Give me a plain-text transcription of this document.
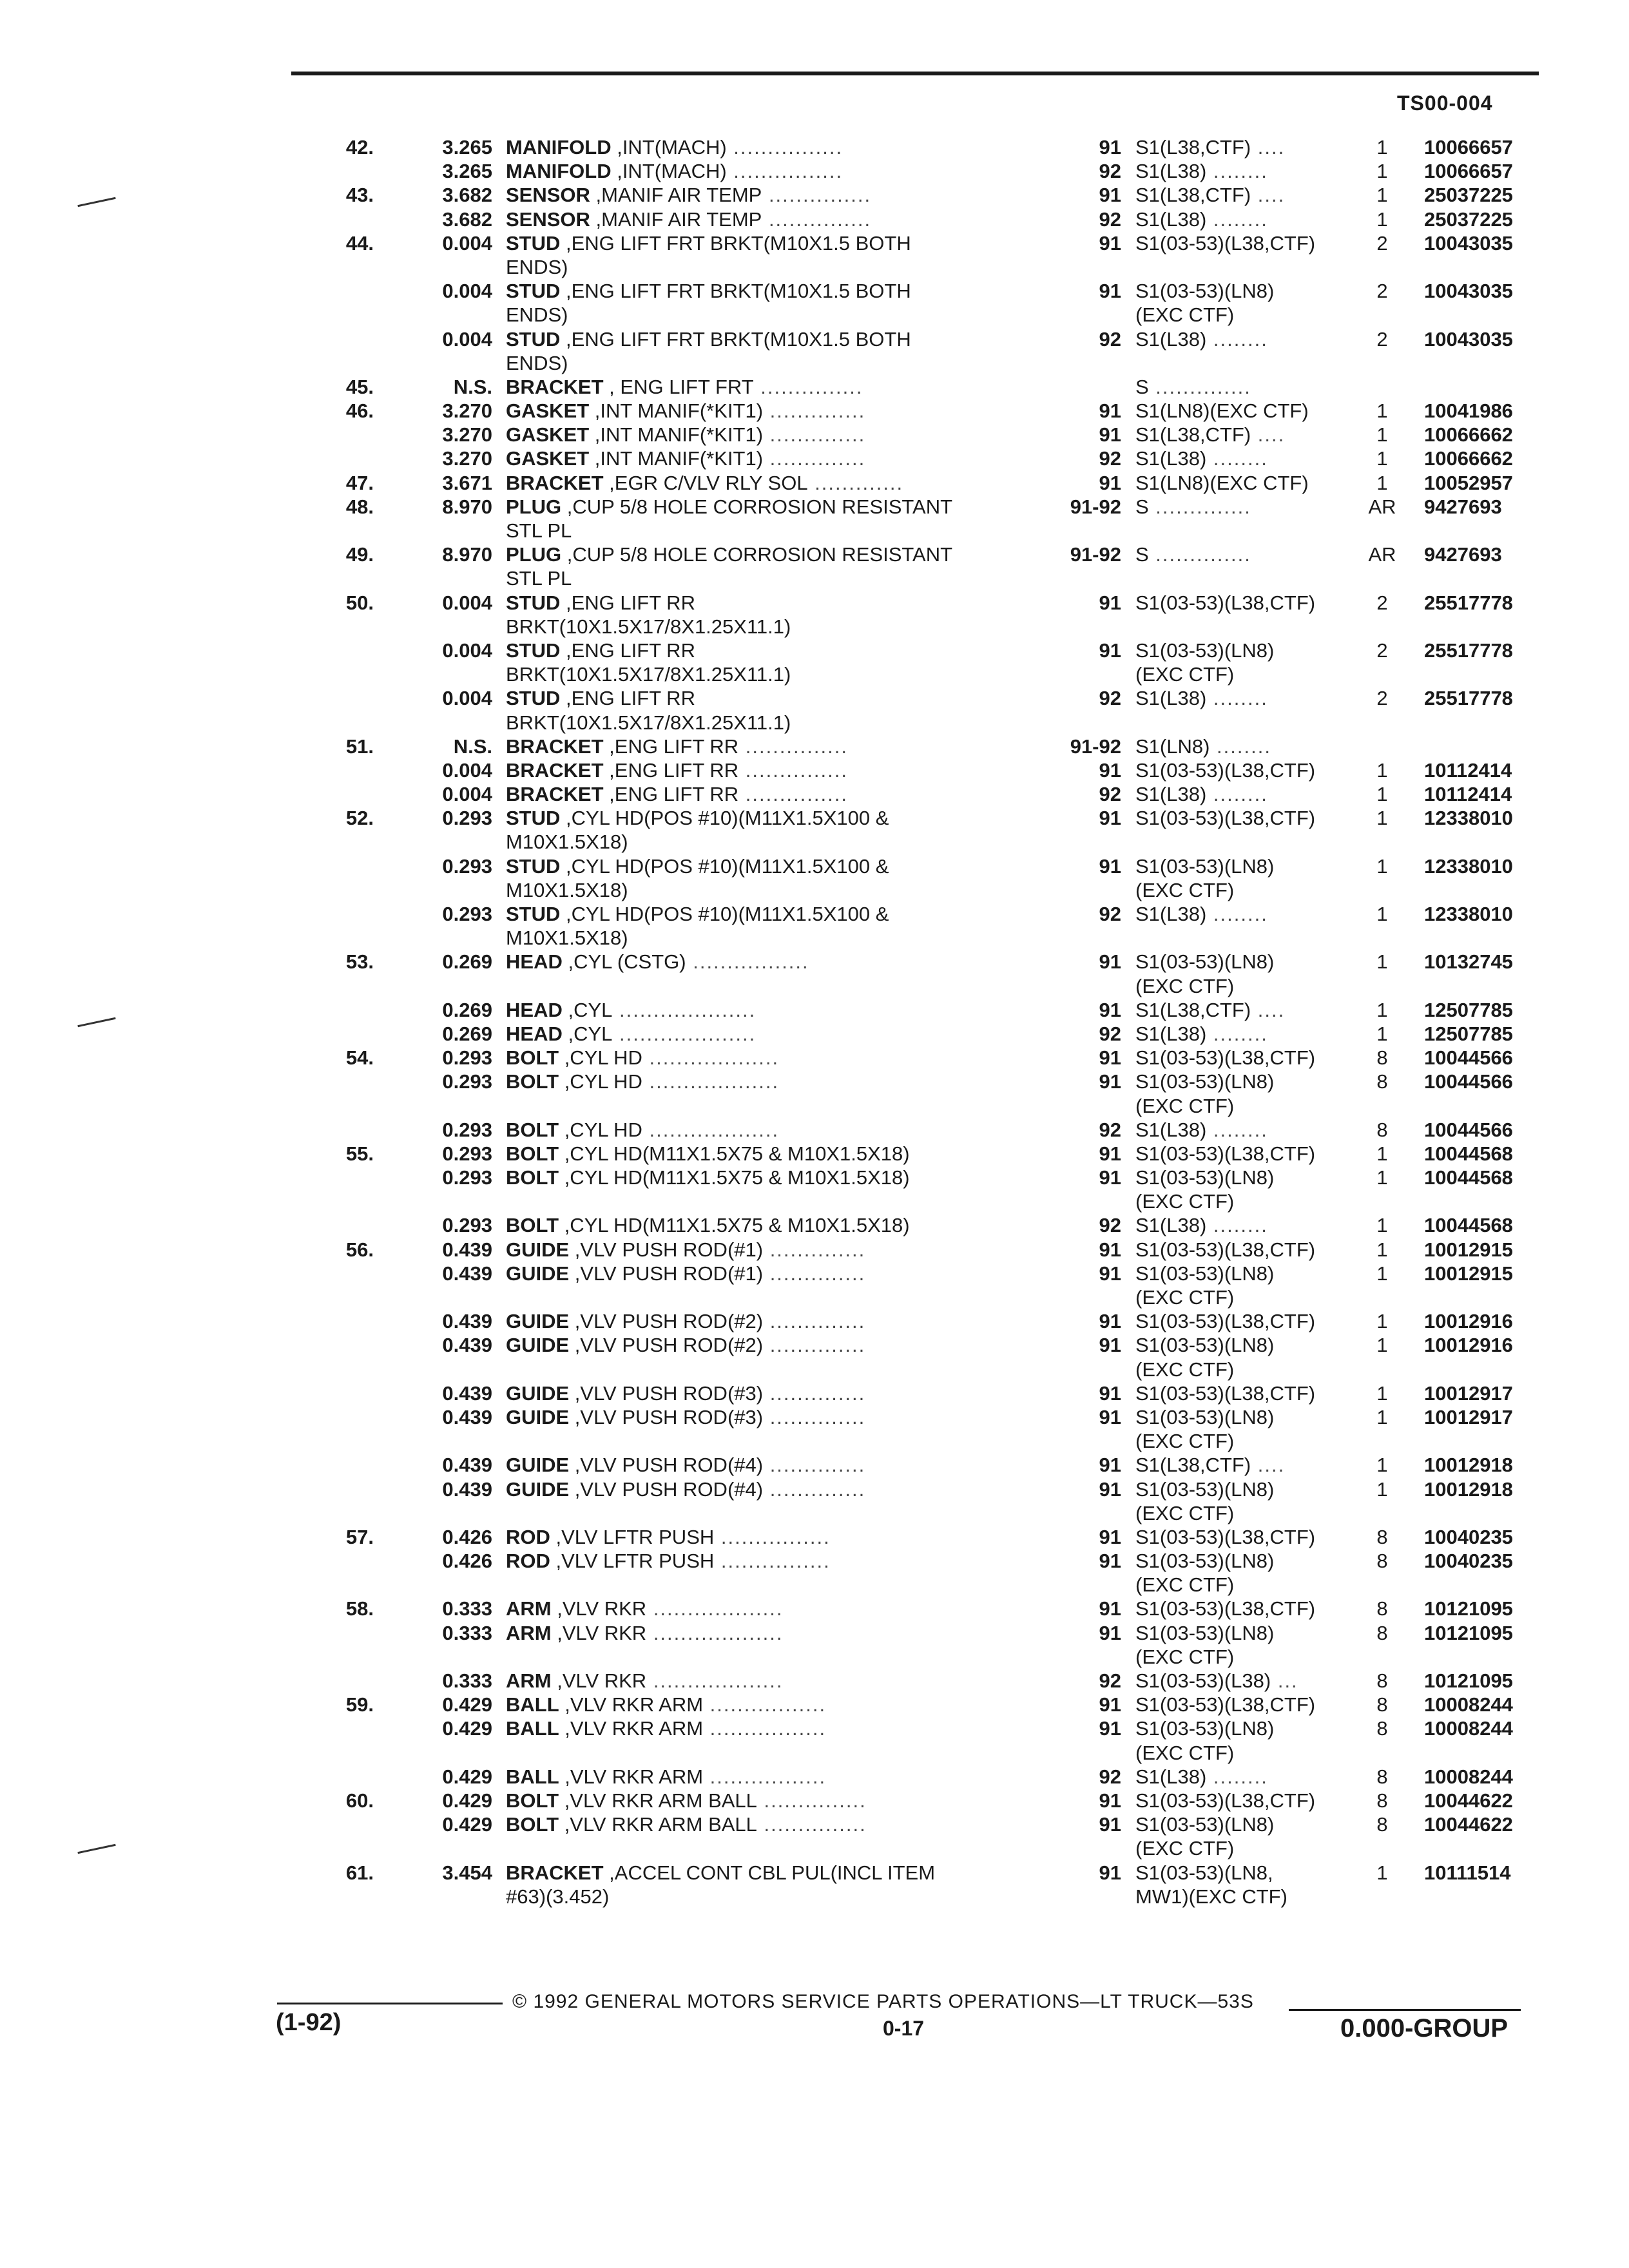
TS00-004
42.	3.265 MANIFOLD ,INT(MACH) ................	91 S1(L38,CTF) ....	1	10066657
3.265 MANIFOLD ,INT(MACH) ................	92 S1(L38) ........	1	10066657
43.	3.682 SENSOR ,MANIF AIR TEMP ...............	91 S1(L38,CTF) ....	1	25037225
3.682 SENSOR ,MANIF AIR TEMP ...............	92 S1(L38) ........	1	25037225
44.	0.004 STUD ,ENG LIFT FRT BRKT(M10X1.5 BOTH	91 S1(03-53)(L38,CTF)	2	10043035
ENDS)
0.004 STUD ,ENG LIFT FRT BRKT(M10X1.5 BOTH	91 S1(03-53)(LN8)	2	10043035
ENDS)	(EXC CTF)
0.004 STUD ,ENG LIFT FRT BRKT(M10X1.5 BOTH	92 S1(L38) ........	2	10043035
ENDS)
45.	N.S. BRACKET , ENG LIFT FRT ...............	S ..............
46.	3.270 GASKET ,INT MANIF(*KIT1) ..............	91 S1(LN8)(EXC CTF)	1	10041986
3.270 GASKET ,INT MANIF(*KIT1) ..............	91 S1(L38,CTF) ....	1	10066662
3.270 GASKET ,INT MANIF(*KIT1) ..............	92 S1(L38) ........	1	10066662
47.	3.671 BRACKET ,EGR C/VLV RLY SOL .............	91 S1(LN8)(EXC CTF)	1	10052957
48.	8.970 PLUG ,CUP 5/8 HOLE CORROSION RESISTANT	91-92 S ..............	AR	9427693
STL PL
49.	8.970 PLUG ,CUP 5/8 HOLE CORROSION RESISTANT	91-92 S ..............	AR	9427693
STL PL
50.	0.004 STUD ,ENG LIFT RR	91 S1(03-53)(L38,CTF)	2	25517778
BRKT(10X1.5X17/8X1.25X11.1)
0.004 STUD ,ENG LIFT RR	91 S1(03-53)(LN8)	2	25517778
BRKT(10X1.5X17/8X1.25X11.1)	(EXC CTF)
0.004 STUD ,ENG LIFT RR	92 S1(L38) ........	2	25517778
BRKT(10X1.5X17/8X1.25X11.1)
51.	N.S. BRACKET ,ENG LIFT RR ...............	91-92 S1(LN8) ........
0.004 BRACKET ,ENG LIFT RR ...............	91 S1(03-53)(L38,CTF)	1	10112414
0.004 BRACKET ,ENG LIFT RR ...............	92 S1(L38) ........	1	10112414
52.	0.293 STUD ,CYL HD(POS #10)(M11X1.5X100 &	91 S1(03-53)(L38,CTF)	1	12338010
M10X1.5X18)
0.293 STUD ,CYL HD(POS #10)(M11X1.5X100 &	91 S1(03-53)(LN8)	1	12338010
M10X1.5X18)	(EXC CTF)
0.293 STUD ,CYL HD(POS #10)(M11X1.5X100 &	92 S1(L38) ........	1	12338010
M10X1.5X18)
53.	0.269 HEAD ,CYL (CSTG) .................	91 S1(03-53)(LN8)	1	10132745
(EXC CTF)
0.269 HEAD ,CYL ....................	91 S1(L38,CTF) ....	1	12507785
0.269 HEAD ,CYL ....................	92 S1(L38) ........	1	12507785
54.	0.293 BOLT ,CYL HD ...................	91 S1(03-53)(L38,CTF)	8	10044566
0.293 BOLT ,CYL HD ...................	91 S1(03-53)(LN8)	8	10044566
(EXC CTF)
0.293 BOLT ,CYL HD ...................	92 S1(L38) ........	8	10044566
55.	0.293 BOLT ,CYL HD(M11X1.5X75 & M10X1.5X18)	91 S1(03-53)(L38,CTF)	1	10044568
0.293 BOLT ,CYL HD(M11X1.5X75 & M10X1.5X18)	91 S1(03-53)(LN8)	1	10044568
(EXC CTF)
0.293 BOLT ,CYL HD(M11X1.5X75 & M10X1.5X18)	92 S1(L38) ........	1	10044568
56.	0.439 GUIDE ,VLV PUSH ROD(#1) ..............	91 S1(03-53)(L38,CTF)	1	10012915
0.439 GUIDE ,VLV PUSH ROD(#1) ..............	91 S1(03-53)(LN8)	1	10012915
(EXC CTF)
0.439 GUIDE ,VLV PUSH ROD(#2) ..............	91 S1(03-53)(L38,CTF)	1	10012916
0.439 GUIDE ,VLV PUSH ROD(#2) ..............	91 S1(03-53)(LN8)	1	10012916
(EXC CTF)
0.439 GUIDE ,VLV PUSH ROD(#3) ..............	91 S1(03-53)(L38,CTF)	1	10012917
0.439 GUIDE ,VLV PUSH ROD(#3) ..............	91 S1(03-53)(LN8)	1	10012917
(EXC CTF)
0.439 GUIDE ,VLV PUSH ROD(#4) ..............	91 S1(L38,CTF) ....	1	10012918
0.439 GUIDE ,VLV PUSH ROD(#4) ..............	91 S1(03-53)(LN8)	1	10012918
(EXC CTF)
57.	0.426 ROD ,VLV LFTR PUSH ................	91 S1(03-53)(L38,CTF)	8	10040235
0.426 ROD ,VLV LFTR PUSH ................	91 S1(03-53)(LN8)	8	10040235
(EXC CTF)
58.	0.333 ARM ,VLV RKR ...................	91 S1(03-53)(L38,CTF)	8	10121095
0.333 ARM ,VLV RKR ...................	91 S1(03-53)(LN8)	8	10121095
(EXC CTF)
0.333 ARM ,VLV RKR ...................	92 S1(03-53)(L38) ...	8	10121095
59.	0.429 BALL ,VLV RKR ARM .................	91 S1(03-53)(L38,CTF)	8	10008244
0.429 BALL ,VLV RKR ARM .................	91 S1(03-53)(LN8)	8	10008244
(EXC CTF)
0.429 BALL ,VLV RKR ARM .................	92 S1(L38) ........	8	10008244
60.	0.429 BOLT ,VLV RKR ARM BALL ...............	91 S1(03-53)(L38,CTF)	8	10044622
0.429 BOLT ,VLV RKR ARM BALL ...............	91 S1(03-53)(LN8)	8	10044622
(EXC CTF)
61.	3.454 BRACKET ,ACCEL CONT CBL PUL(INCL ITEM	91 S1(03-53)(LN8,	1	10111514
#63)(3.452)	MW1)(EXC CTF)
© 1992 GENERAL MOTORS SERVICE PARTS OPERATIONS—LT TRUCK—53S
0-17
(1-92)	0.000-GROUP
